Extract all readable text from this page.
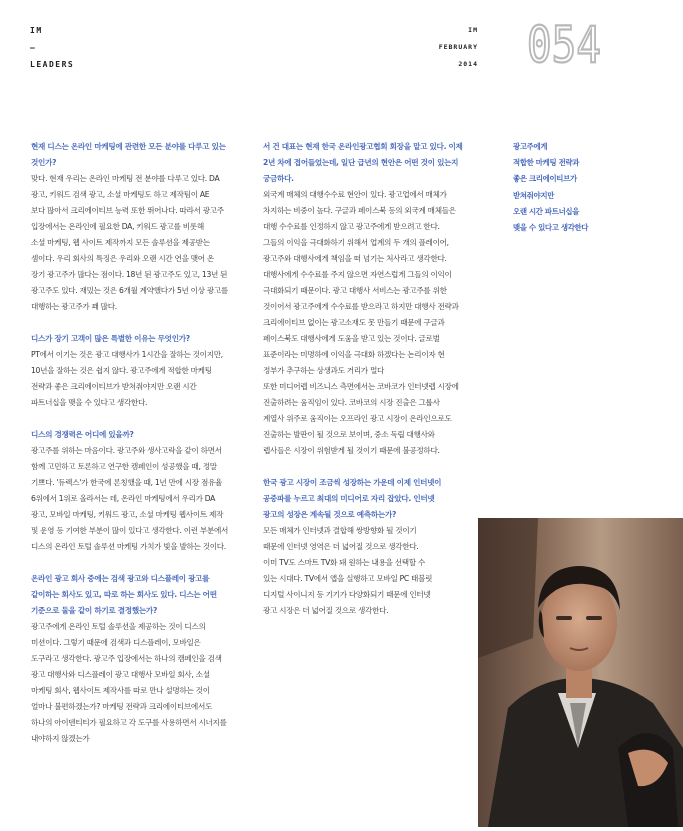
IM
–
LEADERS
IM
FEBRUARY
2014 054
현재 디스는 온라인 마케팅에 관련한 모든 분야를 다루고 있는
것인가?
맞다. 현재 우리는 온라인 마케팅 전 분야를 다루고 있다. DA
광고, 키워드 검색 광고, 소셜 마케팅도 하고 제작팀이 AE
보다 많아서 크리에이티브 능력 또한 뛰어나다. 따라서 광고주
입장에서는 온라인에 필요한 DA, 키워드 광고를 비롯해
소셜 마케팅, 웹 사이트 제작까지 모든 솔루션을 제공받는
셈이다. 우리 회사의 특징은 우리와 오랜 시간 연을 맺어 온
장기 광고주가 많다는 점이다. 18년 된 광고주도 있고, 13년 된
광고주도 있다. 재밌는 것은 6개월 계약했다가 5년 이상 광고를
대행하는 광고주가 꽤 많다.
디스가 장기 고객이 많은 특별한 이유는 무엇인가?
PT에서 이기는 것은 광고 대행사가 1시간을 잘하는 것이지만,
10년을 잘하는 것은 쉽지 않다. 광고주에게 적합한 마케팅
전략과 좋은 크리에이티브가 받쳐줘야지만 오랜 시간
파트너십을 맺을 수 있다고 생각한다.
디스의 경쟁력은 어디에 있을까?
광고주를 위하는 마음이다. 광고주와 생사고락을 같이 하면서
함께 고민하고 토론하고 연구한 캠페인이 성공했을 때, 정말
기쁘다. '듀렉스'가 한국에 론칭했을 때, 1년 만에 시장 점유율
6위에서 1위로 올라서는 데, 온라인 마케팅에서 우리가 DA
광고, 모바일 마케팅, 키워드 광고, 소셜 마케팅 웹사이트 제작
및 운영 등 기여한 부분이 많이 있다고 생각한다. 이런 부분에서
디스의 온라인 토털 솔루션 마케팅 가치가 빛을 발하는 것이다.
온라인 광고 회사 중에는 검색 광고와 디스플레이 광고를
같이하는 회사도 있고, 따로 하는 회사도 있다. 디스는 어떤
기준으로 둘을 같이 하기로 결정했는가?
광고주에게 온라인 토털 솔루션을 제공하는 것이 디스의
미션이다. 그렇기 때문에 검색과 디스플레이, 모바일은
도구라고 생각한다. 광고주 입장에서는 하나의 캠페인을 검색
광고 대행사와 디스플레이 광고 대행사 모바일 회사, 소셜
마케팅 회사, 웹사이트 제작사를 따로 만나 설명하는 것이
얼마나 불편하겠는가? 마케팅 전략과 크리에이티브에서도
하나의 아이덴티티가 필요하고 각 도구를 사용하면서 시너지를
내야하지 않겠는가
서 건 대표는 현재 한국 온라인광고협회 회장을 맡고 있다. 이제
2년 차에 접어들었는데, 일단 급년의 현안은 어떤 것이 있는지
궁금하다.
외국계 매체의 대행수수료 현안이 있다. 광고업에서 매체가
차지하는 비중이 높다. 구글과 페이스북 등의 외국계 매체들은
대행 수수료를 인정하지 않고 광고주에게 받으려고 한다.
그들의 이익을 극대화하기 위해서 업계의 두 개의 플레이어,
광고주와 대행사에게 책임을 떠 넘기는 처사라고 생각한다.
대행사에게 수수료를 주지 않으면 자연스럽게 그들의 이익이
극대화되기 때문이다. 광고 대행사 서비스는 광고주를 위한
것이어서 광고주에게 수수료를 받으라고 하지만 대행사 전략과
크리에이티브 없이는 광고소재도 못 만들기 때문에 구글과
페이스북도 대행사에게 도움을 받고 있는 것이다. 글로벌
표준이라는 미명하에 이익을 극대화 하겠다는 논리이자 현
정부가 추구하는 상생과도 거리가 멀다
또한 미디어렙 비즈니스 측면에서는 코바코가 인터넷렙 시장에
진출하려는 움직임이 있다. 코바코의 시장 진출은 그룹사
계열사 위주로 움직이는 오프라인 광고 시장이 온라인으로도
진출하는 발판이 될 것으로 보이며, 중소 독립 대행사와
렙사들은 시장이 위험받게 될 것이기 때문에 불공정하다.
한국 광고 시장이 조금씩 성장하는 가운데 이제 인터넷이
공중파를 누르고 최대의 미디어로 자리 잡았다. 인터넷
광고의 성장은 계속될 것으로 예측하는가?
모든 매체가 인터넷과 결합해 쌍방향화 될 것이기
때문에 인터넷 영역은 더 넓어질 것으로 생각한다.
이미 TV도 스마트 TV화 돼 원하는 내용을 선택할 수
있는 시대다. TV에서 앱을 실행하고 모바일 PC 태블릿
디지털 사이니지 등 기기가 다양화되기 때문에 인터넷
광고 시장은 더 넓어질 것으로 생각한다.
광고주에게
적합한 마케팅 전략과
좋은 크리에이티브가
받쳐줘야지만
오랜 시간 파트너십을
맺을 수 있다고 생각한다
